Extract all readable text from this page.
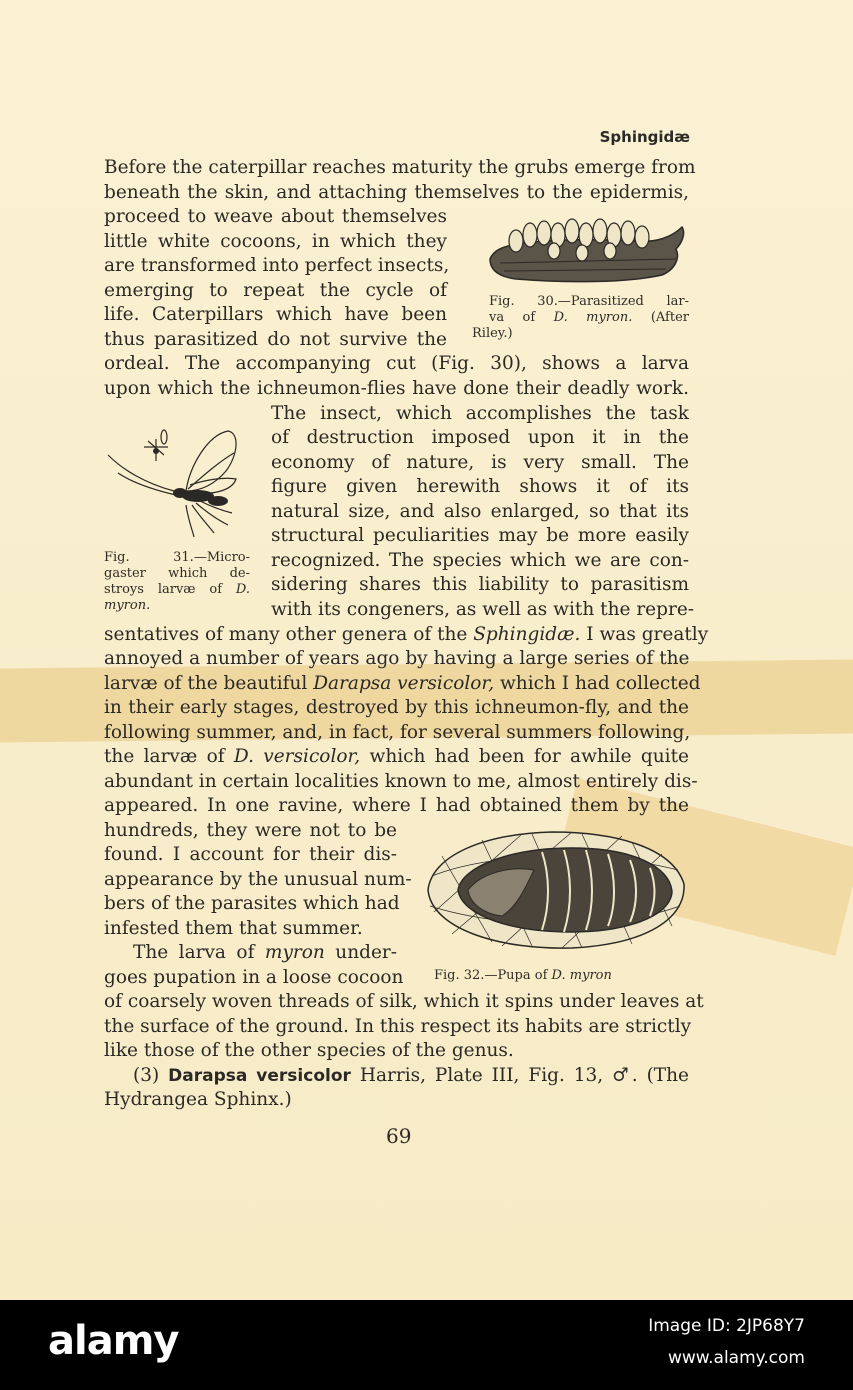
Sphingidæ
Before the caterpillar reaches maturity the grubs emerge from
beneath the skin, and attaching themselves to the epidermis,
proceed to weave about themselves
little white cocoons, in which they
are transformed into perfect insects,
emerging to repeat the cycle of
life. Caterpillars which have been
thus parasitized do not survive the
Fig. 30.—Parasitized lar-
va of D. myron. (After
Riley.)
ordeal. The accompanying cut (Fig. 30), shows a larva
upon which the ichneumon-flies have done their deadly work.
The insect, which accomplishes the task
of destruction imposed upon it in the
economy of nature, is very small. The
figure given herewith shows it of its
natural size, and also enlarged, so that its
structural peculiarities may be more easily
recognized. The species which we are con-
sidering shares this liability to parasitism
with its congeners, as well as with the repre-
Fig. 31.—Micro-
gaster which de-
stroys larvæ of D.
myron.
sentatives of many other genera of the Sphingidæ. I was greatly
annoyed a number of years ago by having a large series of the
larvæ of the beautiful Darapsa versicolor, which I had collected
in their early stages, destroyed by this ichneumon-fly, and the
following summer, and, in fact, for several summers following,
the larvæ of D. versicolor, which had been for awhile quite
abundant in certain localities known to me, almost entirely dis-
appeared. In one ravine, where I had obtained them by the
hundreds, they were not to be
found. I account for their dis-
appearance by the unusual num-
bers of the parasites which had
infested them that summer.
The larva of myron under-
goes pupation in a loose cocoon Fig. 32.—Pupa of D. myron
of coarsely woven threads of silk, which it spins under leaves at
the surface of the ground. In this respect its habits are strictly
like those of the other species of the genus.
(3) Darapsa versicolor Harris, Plate III, Fig. 13, ♂. (The
Hydrangea Sphinx.)
69
alamy	Image ID: 2JP68Y7
www.alamy.com
